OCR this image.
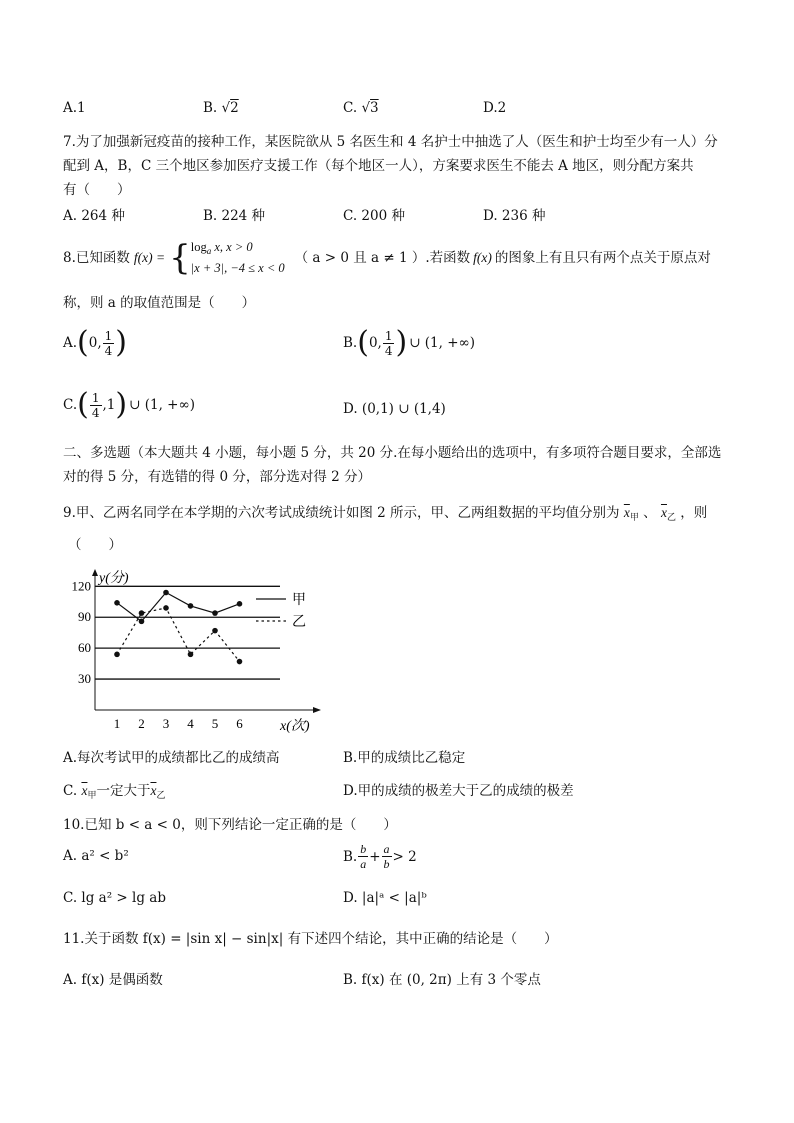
A.1	B. √2	C. √3	D.2
7.为了加强新冠疫苗的接种工作，某医院欲从 5 名医生和 4 名护士中抽选了人（医生和护士均至少有一人）分
配到 A，B，C 三个地区参加医疗支援工作（每个地区一人），方案要求医生不能去 A 地区，则分配方案共
有（　　）
A. 264 种	B. 224 种	C. 200 种	D. 236 种
8.已知函数 f(x) = { $\log_a x$, x > 0
|x + 3|, −4 ≤ x < 0
（ a > 0 且 a ≠ 1 ）.若函数 f(x) 的图象上有且只有两个点关于原点对
称，则 a 的取值范围是（　　）
A. ( 0, $\frac{1}{4}$ )	B. ( 0, $\frac{1}{4}$ ) ∪ (1, +∞)
C. ( $\frac{1}{4} ,1$ ) ∪ (1, +∞)	D. (0,1) ∪ (1,4)
二、多选题（本大题共 4 小题，每小题 5 分，共 20 分.在每小题给出的选项中，有多项符合题目要求，全部选
对的得 5 分，有选错的得 0 分，部分选对得 2 分）
9.甲、乙两名同学在本学期的六次考试成绩统计如图 2 所示，甲、乙两组数据的平均值分别为 $\overline{x}_甲$ 、 $\overline{x}_乙$ ，则
（　　）
30
60
90
120 y(分)
x(次)
1 2 3 4 5 6
甲
乙
A.每次考试甲的成绩都比乙的成绩高	B.甲的成绩比乙稳定
C. $\overline{x}_甲$一定大于$\overline{x}_乙$	D.甲的成绩的极差大于乙的成绩的极差
10.已知 b < a < 0，则下列结论一定正确的是（　　）
A. a² < b²	B. $\frac{b}{a} + \frac{a}{b} > 2$
C. lg a² > lg ab	D. |a|ᵃ < |a|ᵇ
11.关于函数 f(x) = |sin x| − sin|x| 有下述四个结论，其中正确的结论是（　　）
A. f(x) 是偶函数	B. f(x) 在 (0, 2π) 上有 3 个零点
